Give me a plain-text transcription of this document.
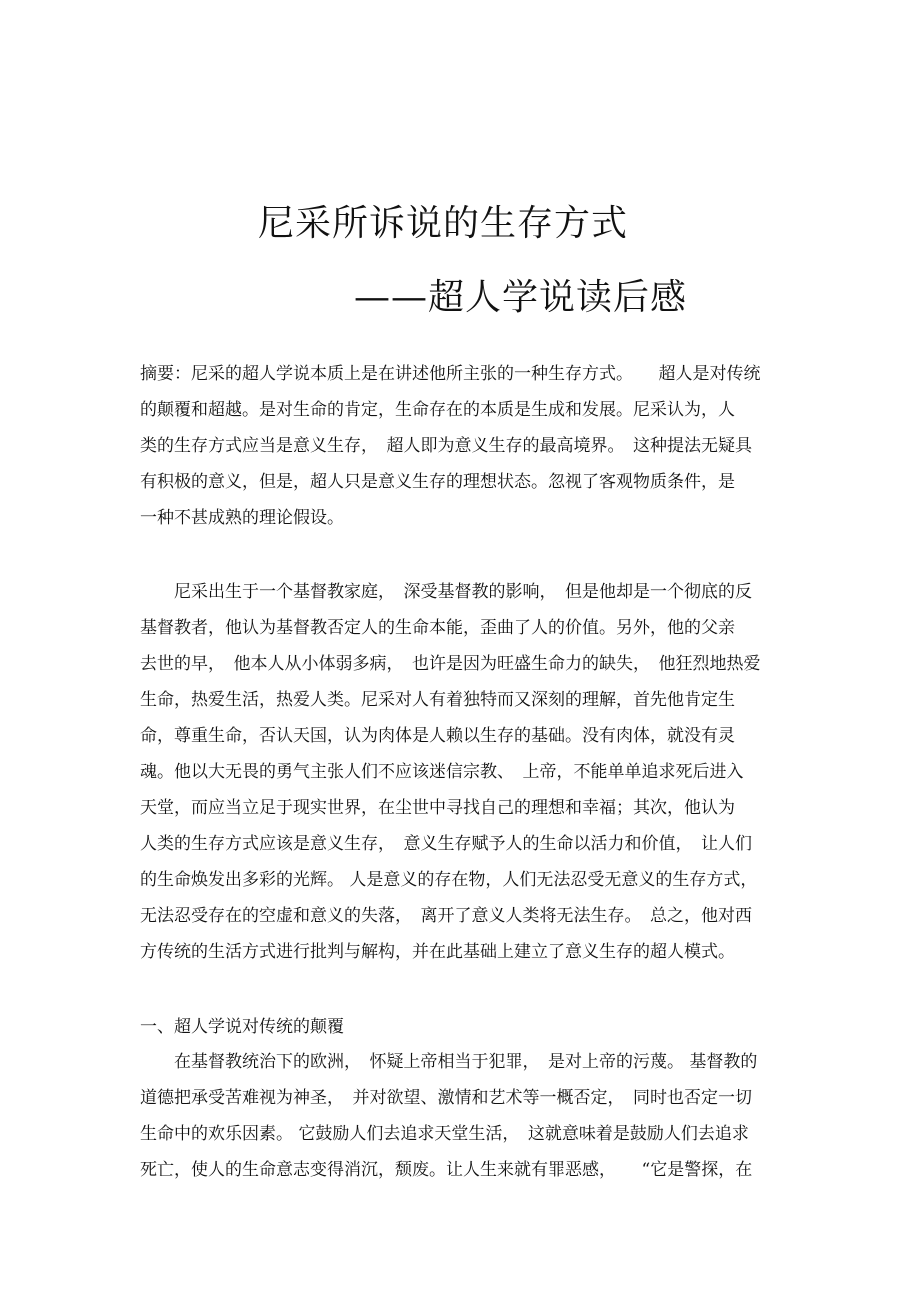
尼采所诉说的生存方式
——超人学说读后感
摘要：尼采的超人学说本质上是在讲述他所主张的一种生存方式。　　超人是对传统
的颠覆和超越。是对生命的肯定，生命存在的本质是生成和发展。尼采认为，人
类的生存方式应当是意义生存，　超人即为意义生存的最高境界。　这种提法无疑具
有积极的意义，但是，超人只是意义生存的理想状态。忽视了客观物质条件，是
一种不甚成熟的理论假设。
　　尼采出生于一个基督教家庭，　深受基督教的影响，　但是他却是一个彻底的反
基督教者，他认为基督教否定人的生命本能，歪曲了人的价值。另外，他的父亲
去世的早，　他本人从小体弱多病，　也许是因为旺盛生命力的缺失，　他狂烈地热爱
生命，热爱生活，热爱人类。尼采对人有着独特而又深刻的理解，首先他肯定生
命，尊重生命，否认天国，认为肉体是人赖以生存的基础。没有肉体，就没有灵
魂。他以大无畏的勇气主张人们不应该迷信宗教、　上帝，不能单单追求死后进入
天堂，而应当立足于现实世界，在尘世中寻找自己的理想和幸福；其次，他认为
人类的生存方式应该是意义生存，　意义生存赋予人的生命以活力和价值，　让人们
的生命焕发出多彩的光辉。 人是意义的存在物，人们无法忍受无意义的生存方式，
无法忍受存在的空虚和意义的失落，　离开了意义人类将无法生存。　总之，他对西
方传统的生活方式进行批判与解构，并在此基础上建立了意义生存的超人模式。
一、超人学说对传统的颠覆
　　在基督教统治下的欧洲，　怀疑上帝相当于犯罪，　是对上帝的污蔑。 基督教的
道德把承受苦难视为神圣，　并对欲望、激情和艺术等一概否定，　同时也否定一切
生命中的欢乐因素。 它鼓励人们去追求天堂生活，　这就意味着是鼓励人们去追求
死亡，使人的生命意志变得消沉，颓废。让人生来就有罪恶感，　　“它是警探，在
